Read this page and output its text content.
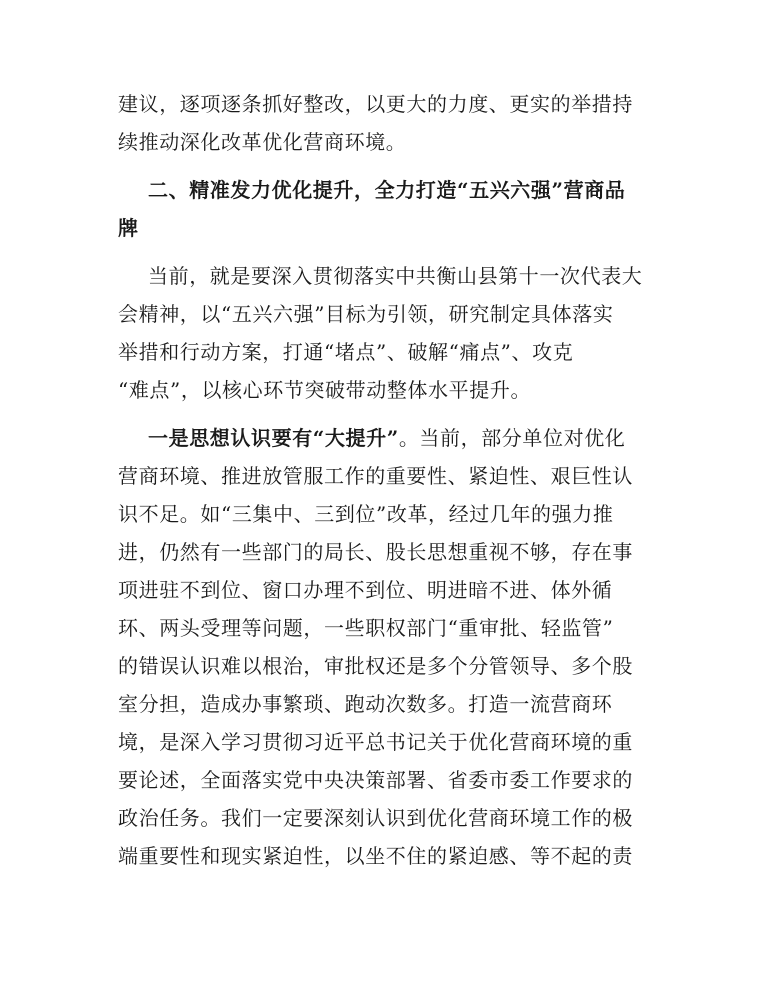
建议，逐项逐条抓好整改，以更大的力度、更实的举措持
续推动深化改革优化营商环境。
二、精准发力优化提升，全力打造“五兴六强”营商品
牌
当前，就是要深入贯彻落实中共衡山县第十一次代表大
会精神，以“五兴六强”目标为引领，研究制定具体落实
举措和行动方案，打通“堵点”、破解“痛点”、攻克
“难点”，以核心环节突破带动整体水平提升。
一是思想认识要有“大提升”。当前，部分单位对优化
营商环境、推进放管服工作的重要性、紧迫性、艰巨性认
识不足。如“三集中、三到位”改革，经过几年的强力推
进，仍然有一些部门的局长、股长思想重视不够，存在事
项进驻不到位、窗口办理不到位、明进暗不进、体外循
环、两头受理等问题，一些职权部门“重审批、轻监管”
的错误认识难以根治，审批权还是多个分管领导、多个股
室分担，造成办事繁琐、跑动次数多。打造一流营商环
境，是深入学习贯彻习近平总书记关于优化营商环境的重
要论述，全面落实党中央决策部署、省委市委工作要求的
政治任务。我们一定要深刻认识到优化营商环境工作的极
端重要性和现实紧迫性，以坐不住的紧迫感、等不起的责
